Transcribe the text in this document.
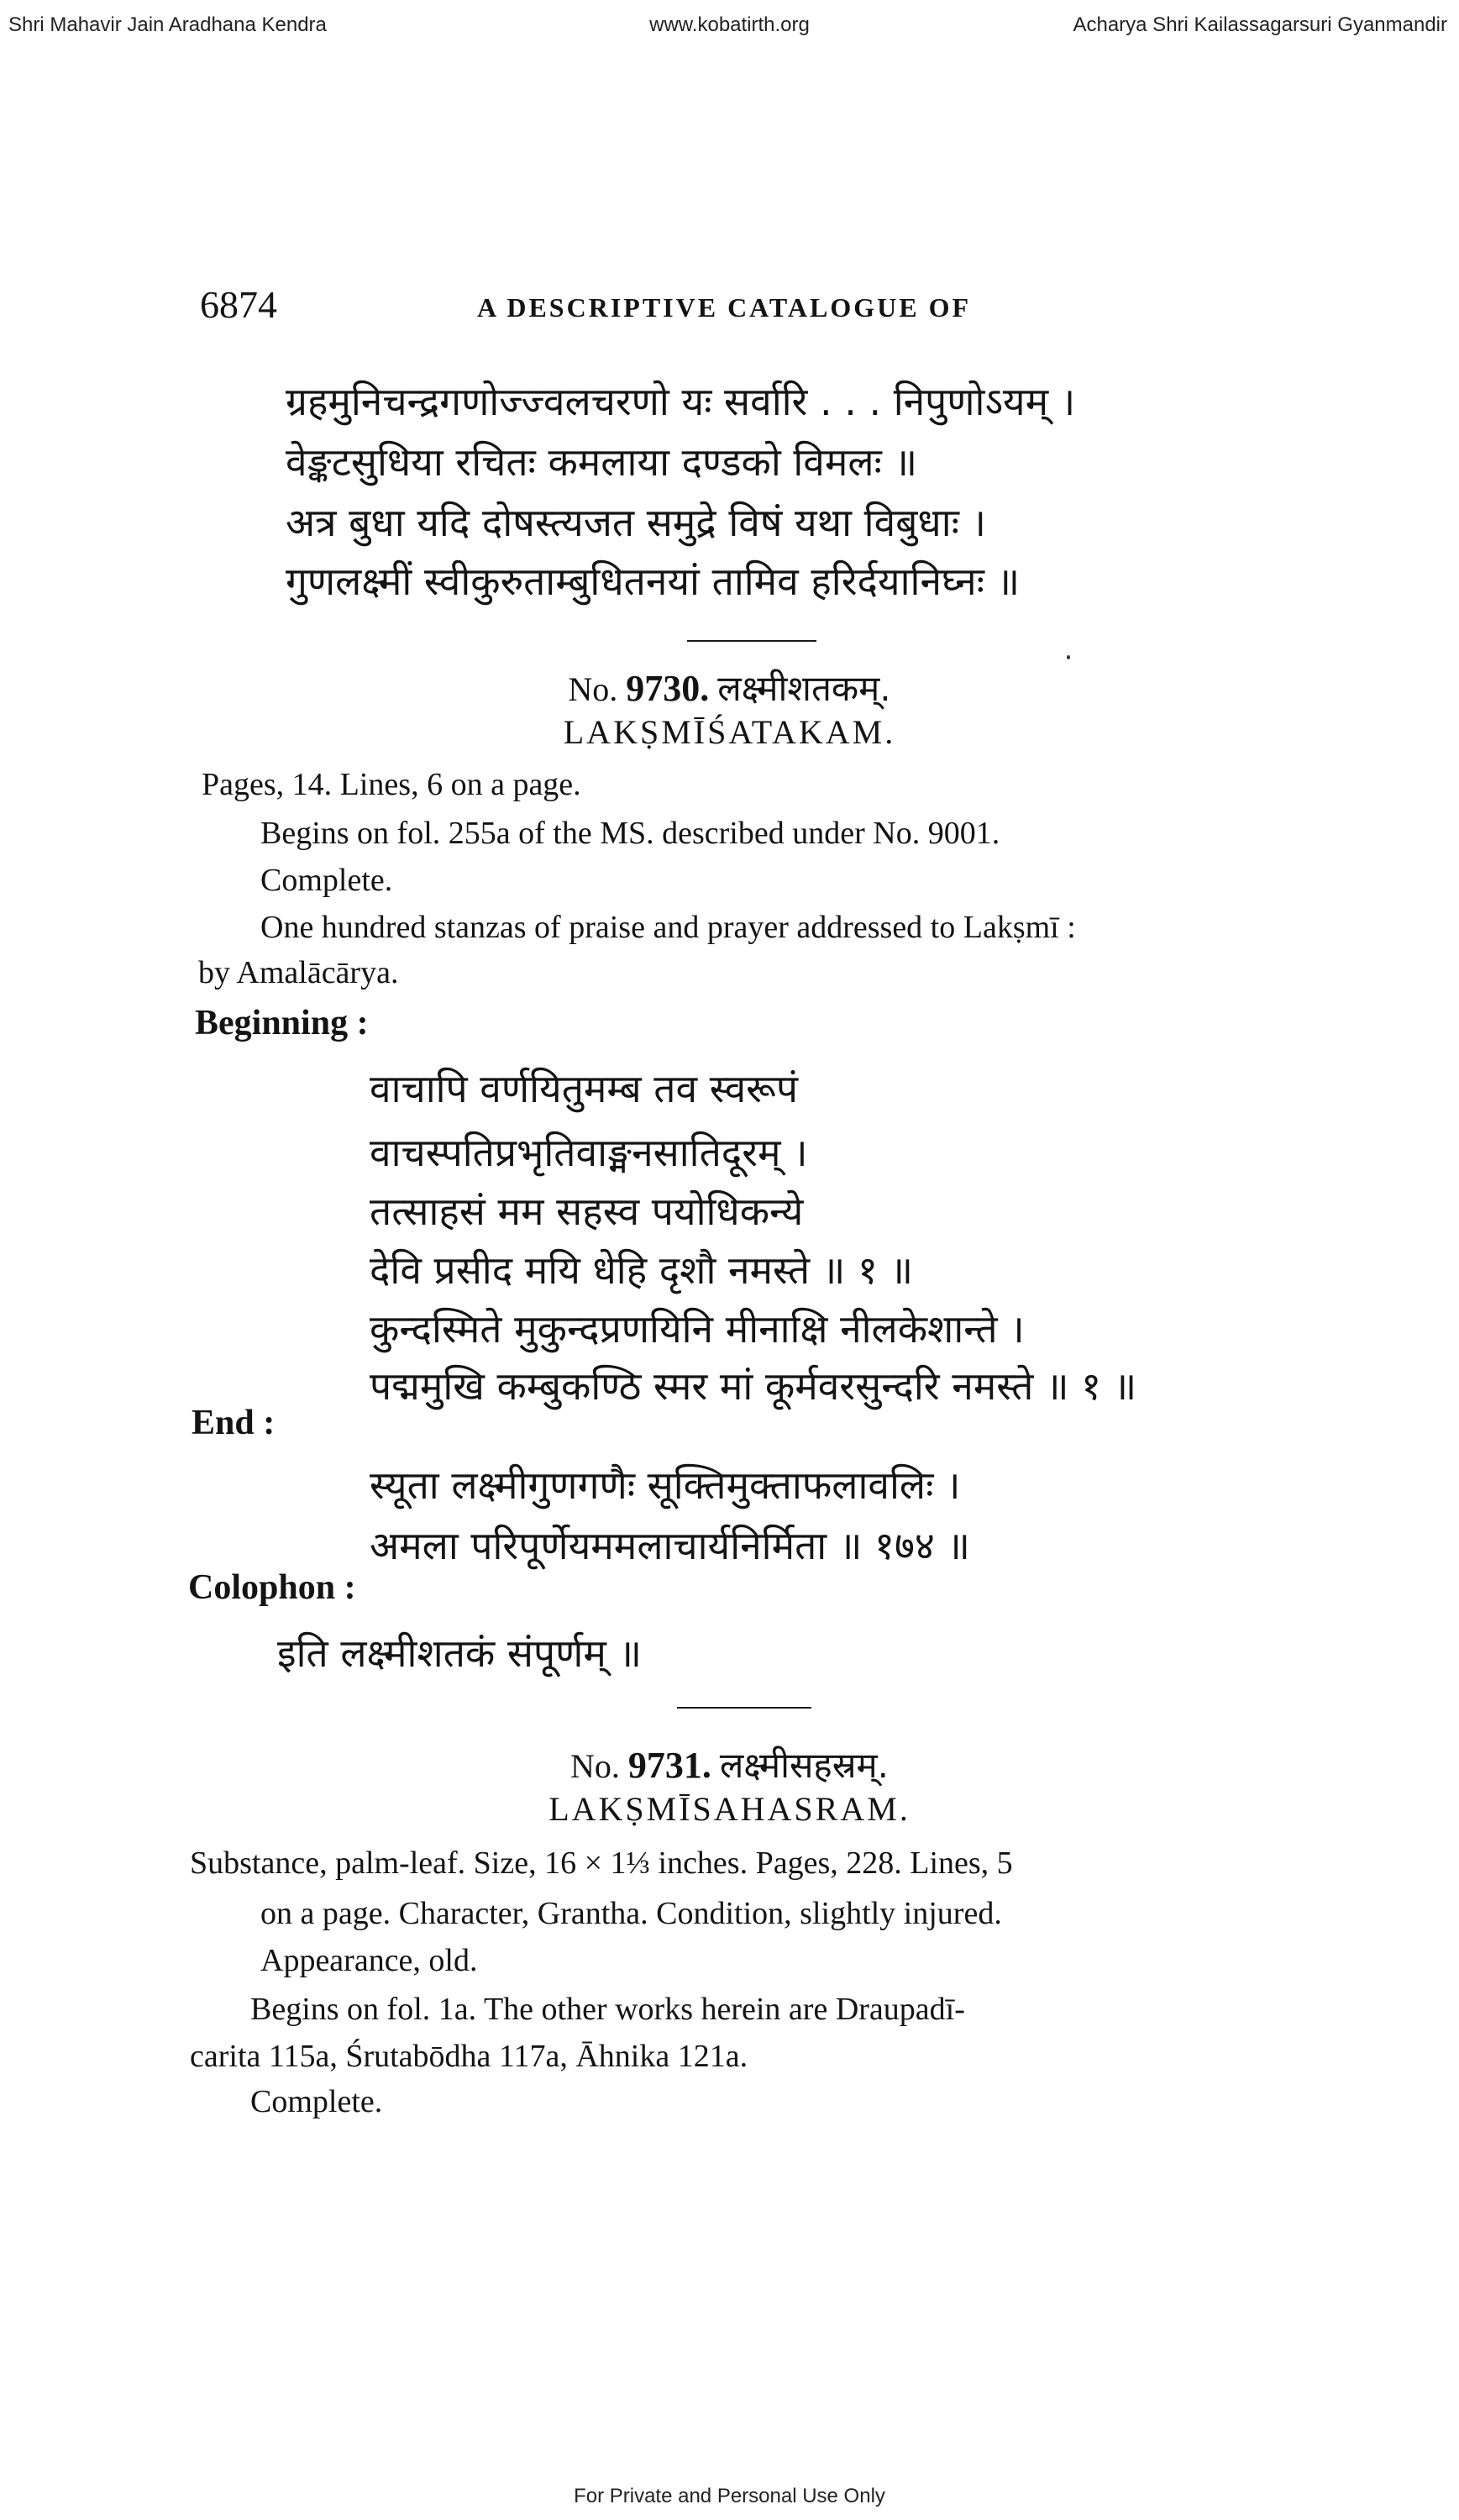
Shri Mahavir Jain Aradhana Kendra	www.kobatirth.org	Acharya Shri Kailassagarsuri Gyanmandir
6874	A DESCRIPTIVE CATALOGUE OF
ग्रहमुनिचन्द्रगणोज्ज्वलचरणो यः सर्वारि . . . निपुणोऽयम् ।
वेङ्कटसुधिया रचितः कमलाया दण्डको विमलः ॥
अत्र बुधा यदि दोषस्त्यजत समुद्रे विषं यथा विबुधाः ।
गुणलक्ष्मीं स्वीकुरुताम्बुधितनयां तामिव हरिर्दयानिघ्नः ॥
No. 9730. लक्ष्मीशतकम्.
LAKṢMĪŚATAKAM.
Pages, 14. Lines, 6 on a page.
Begins on fol. 255a of the MS. described under No. 9001.
Complete.
One hundred stanzas of praise and prayer addressed to Lakṣmī :
by Amalācārya.
Beginning :
वाचापि वर्णयितुमम्ब तव स्वरूपं
वाचस्पतिप्रभृतिवाङ्मनसातिदूरम् ।
तत्साहसं मम सहस्व पयोधिकन्ये
देवि प्रसीद मयि धेहि दृशौ नमस्ते ॥ १ ॥
कुन्दस्मिते मुकुन्दप्रणयिनि मीनाक्षि नीलकेशान्ते ।
पद्ममुखि कम्बुकण्ठि स्मर मां कूर्मवरसुन्दरि नमस्ते ॥ १ ॥
End :
स्यूता लक्ष्मीगुणगणैः सूक्तिमुक्ताफलावलिः ।
अमला परिपूर्णेयममलाचार्यनिर्मिता ॥ १७४ ॥
Colophon :
इति लक्ष्मीशतकं संपूर्णम् ॥
No. 9731. लक्ष्मीसहस्रम्.
LAKṢMĪSAHASRAM.
Substance, palm-leaf. Size, 16 × 1⅓ inches. Pages, 228. Lines, 5
on a page. Character, Grantha. Condition, slightly injured.
Appearance, old.
Begins on fol. 1a. The other works herein are Draupadī-
carita 115a, Śrutabōdha 117a, Āhnika 121a.
Complete.
For Private and Personal Use Only
